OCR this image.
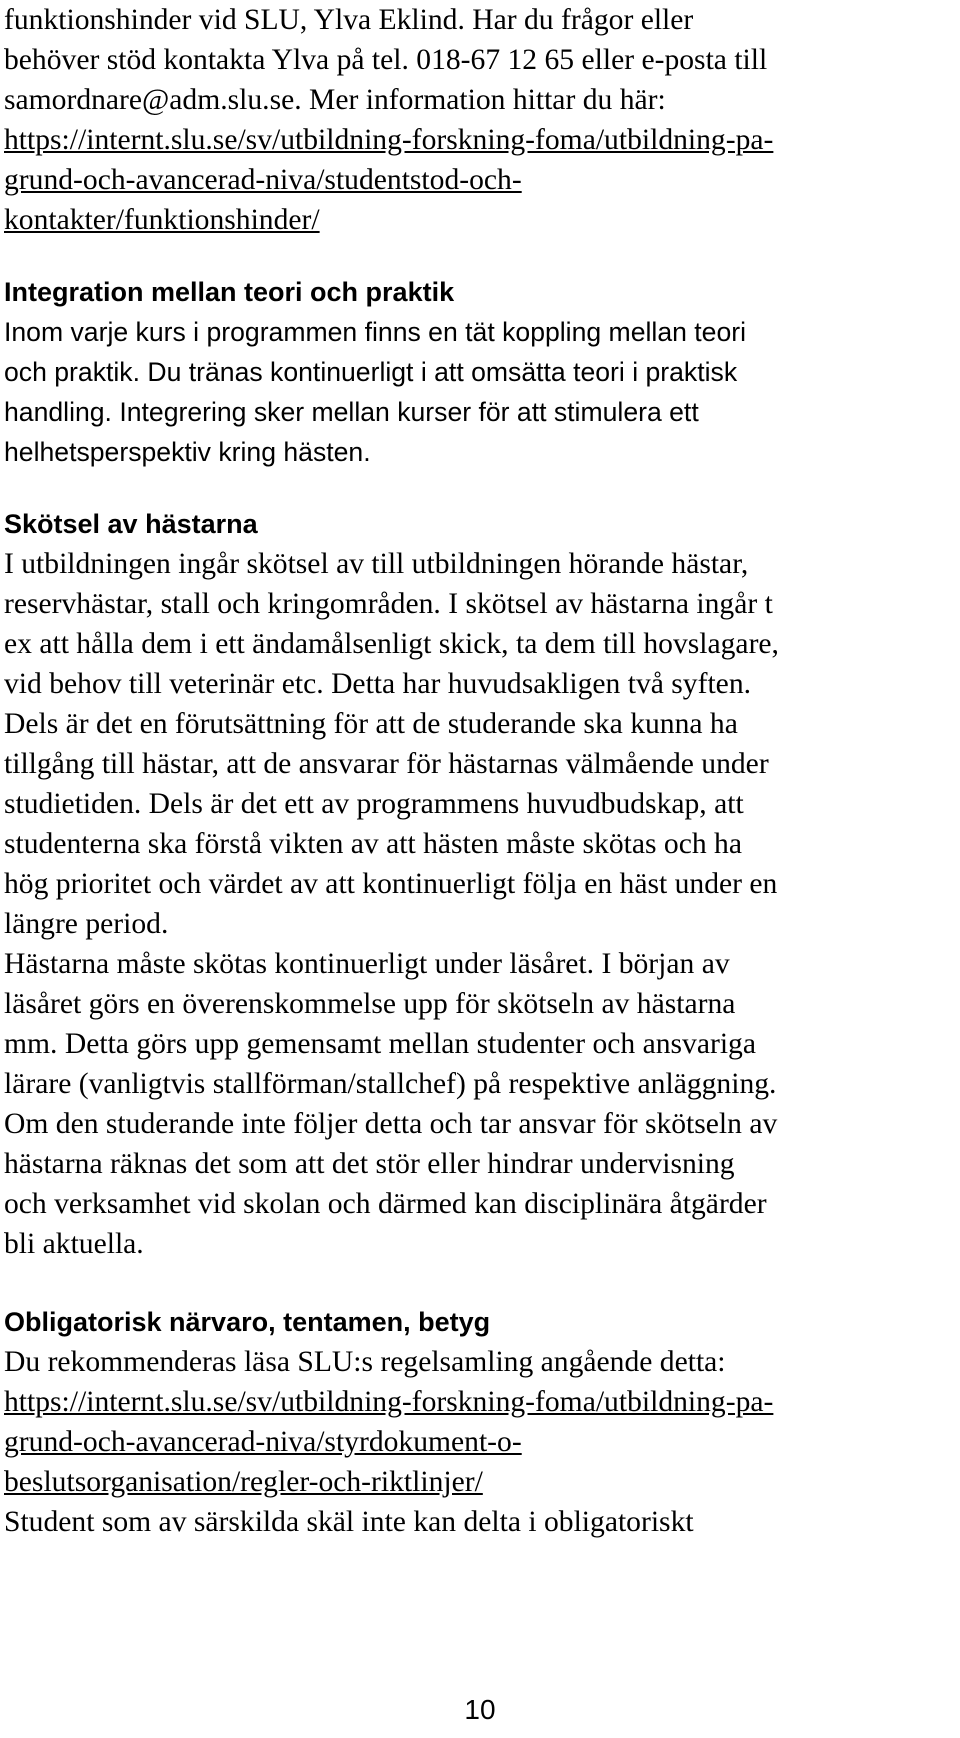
funktionshinder vid SLU, Ylva Eklind. Har du frågor eller
behöver stöd kontakta Ylva på tel. 018-67 12 65 eller e-posta till
samordnare@adm.slu.se. Mer information hittar du här:
https://internt.slu.se/sv/utbildning-forskning-foma/utbildning-pa-
grund-och-avancerad-niva/studentstod-och-
kontakter/funktionshinder/
Integration mellan teori och praktik
Inom varje kurs i programmen finns en tät koppling mellan teori
och praktik. Du tränas kontinuerligt i att omsätta teori i praktisk
handling. Integrering sker mellan kurser för att stimulera ett
helhetsperspektiv kring hästen.
Skötsel av hästarna
I utbildningen ingår skötsel av till utbildningen hörande hästar,
reservhästar, stall och kringområden. I skötsel av hästarna ingår t
ex att hålla dem i ett ändamålsenligt skick, ta dem till hovslagare,
vid behov till veterinär etc. Detta har huvudsakligen två syften.
Dels är det en förutsättning för att de studerande ska kunna ha
tillgång till hästar, att de ansvarar för hästarnas välmående under
studietiden. Dels är det ett av programmens huvudbudskap, att
studenterna ska förstå vikten av att hästen måste skötas och ha
hög prioritet och värdet av att kontinuerligt följa en häst under en
längre period.
Hästarna måste skötas kontinuerligt under läsåret. I början av
läsåret görs en överenskommelse upp för skötseln av hästarna
mm. Detta görs upp gemensamt mellan studenter och ansvariga
lärare (vanligtvis stallförman/stallchef) på respektive anläggning.
Om den studerande inte följer detta och tar ansvar för skötseln av
hästarna räknas det som att det stör eller hindrar undervisning
och verksamhet vid skolan och därmed kan disciplinära åtgärder
bli aktuella.
Obligatorisk närvaro, tentamen, betyg
Du rekommenderas läsa SLU:s regelsamling angående detta:
https://internt.slu.se/sv/utbildning-forskning-foma/utbildning-pa-
grund-och-avancerad-niva/styrdokument-o-
beslutsorganisation/regler-och-riktlinjer/
Student som av särskilda skäl inte kan delta i obligatoriskt
10
